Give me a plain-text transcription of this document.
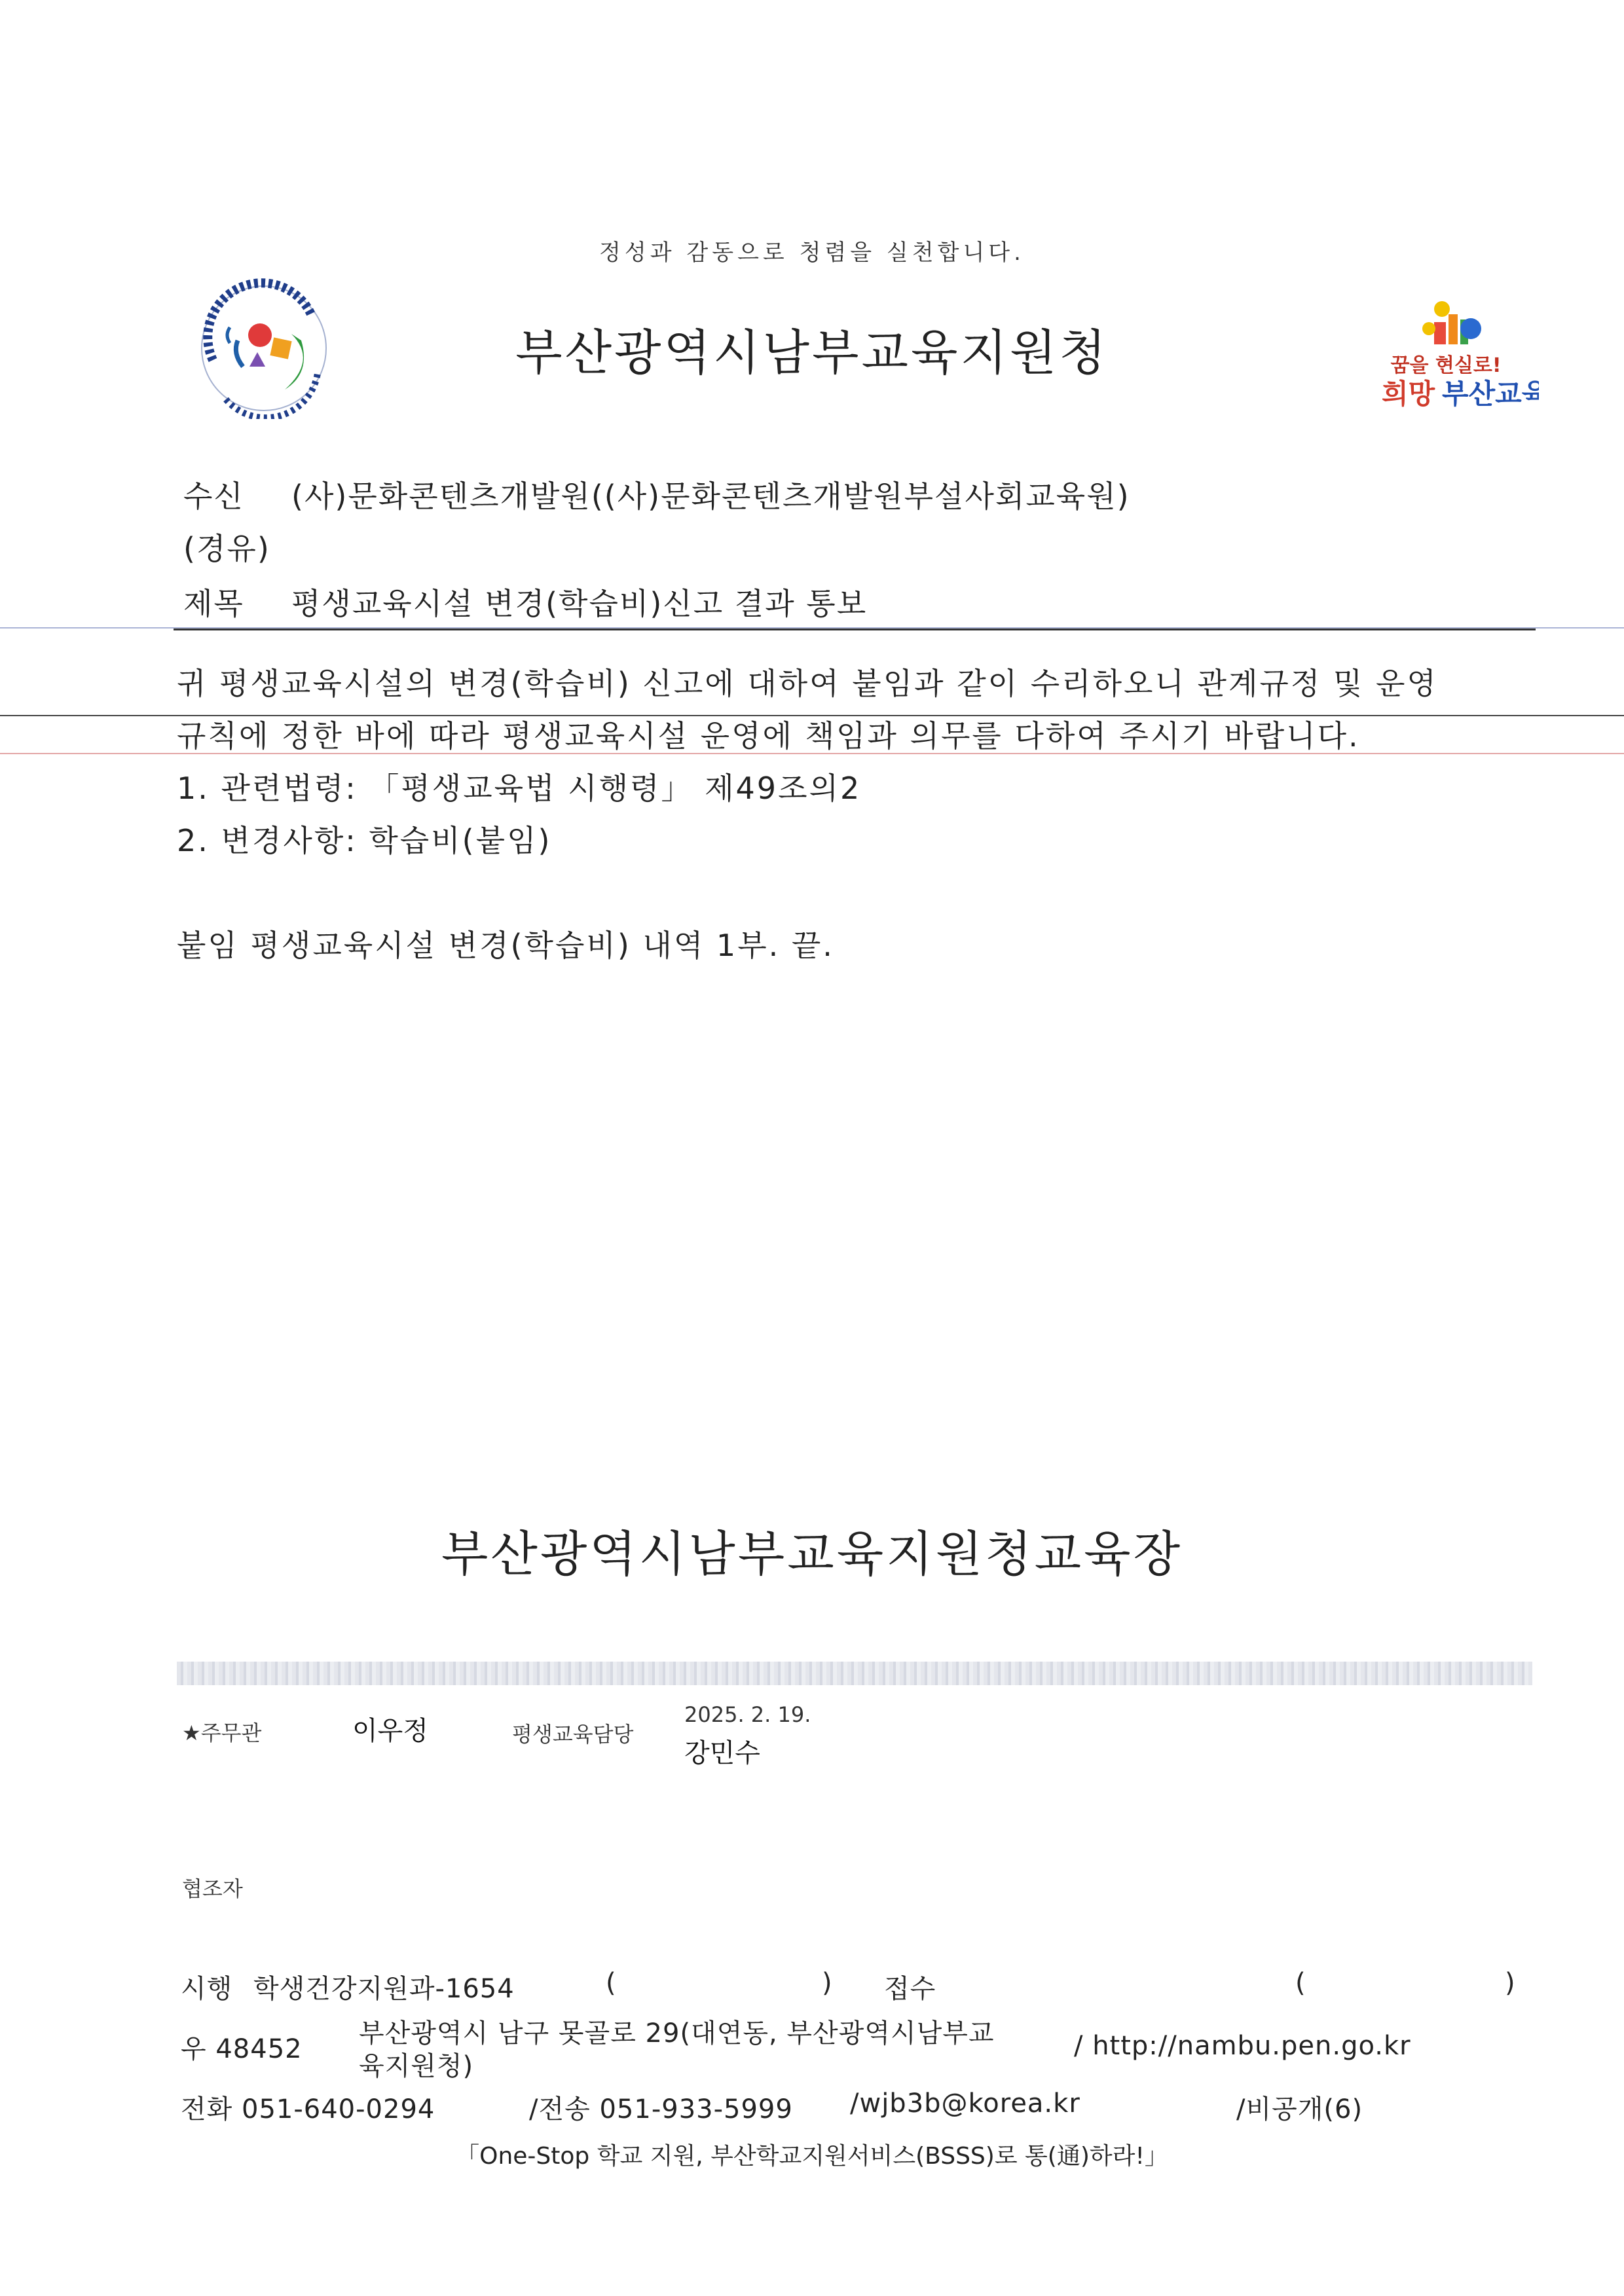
정성과 감동으로 청렴을 실천합니다.
부산광역시남부교육지원청	꿈을 현실로!
희망 부산교육
수신 (사)문화콘텐츠개발원((사)문화콘텐츠개발원부설사회교육원)
(경유)
제목 평생교육시설 변경(학습비)신고 결과 통보
귀 평생교육시설의 변경(학습비) 신고에 대하여 붙임과 같이 수리하오니 관계규정 및 운영
규칙에 정한 바에 따라 평생교육시설 운영에 책임과 의무를 다하여 주시기 바랍니다.
1. 관련법령: 「평생교육법 시행령」 제49조의2
2. 변경사항: 학습비(붙임)
붙임 평생교육시설 변경(학습비) 내역 1부. 끝.
부산광역시남부교육지원청교육장
★주무관	이우정	평생교육담당
2025. 2. 19.
강민수
협조자
시행 학생건강지원과-1654	(	) 접수	(	)
우 48452
부산광역시 남구 못골로 29(대연동, 부산광역시남부교
육지원청)
/ http://nambu.pen.go.kr
전화 051-640-0294	/전송 051-933-5999 /wjb3b@korea.kr	/비공개(6)
「One-Stop 학교 지원, 부산학교지원서비스(BSSS)로 통(通)하라!」
